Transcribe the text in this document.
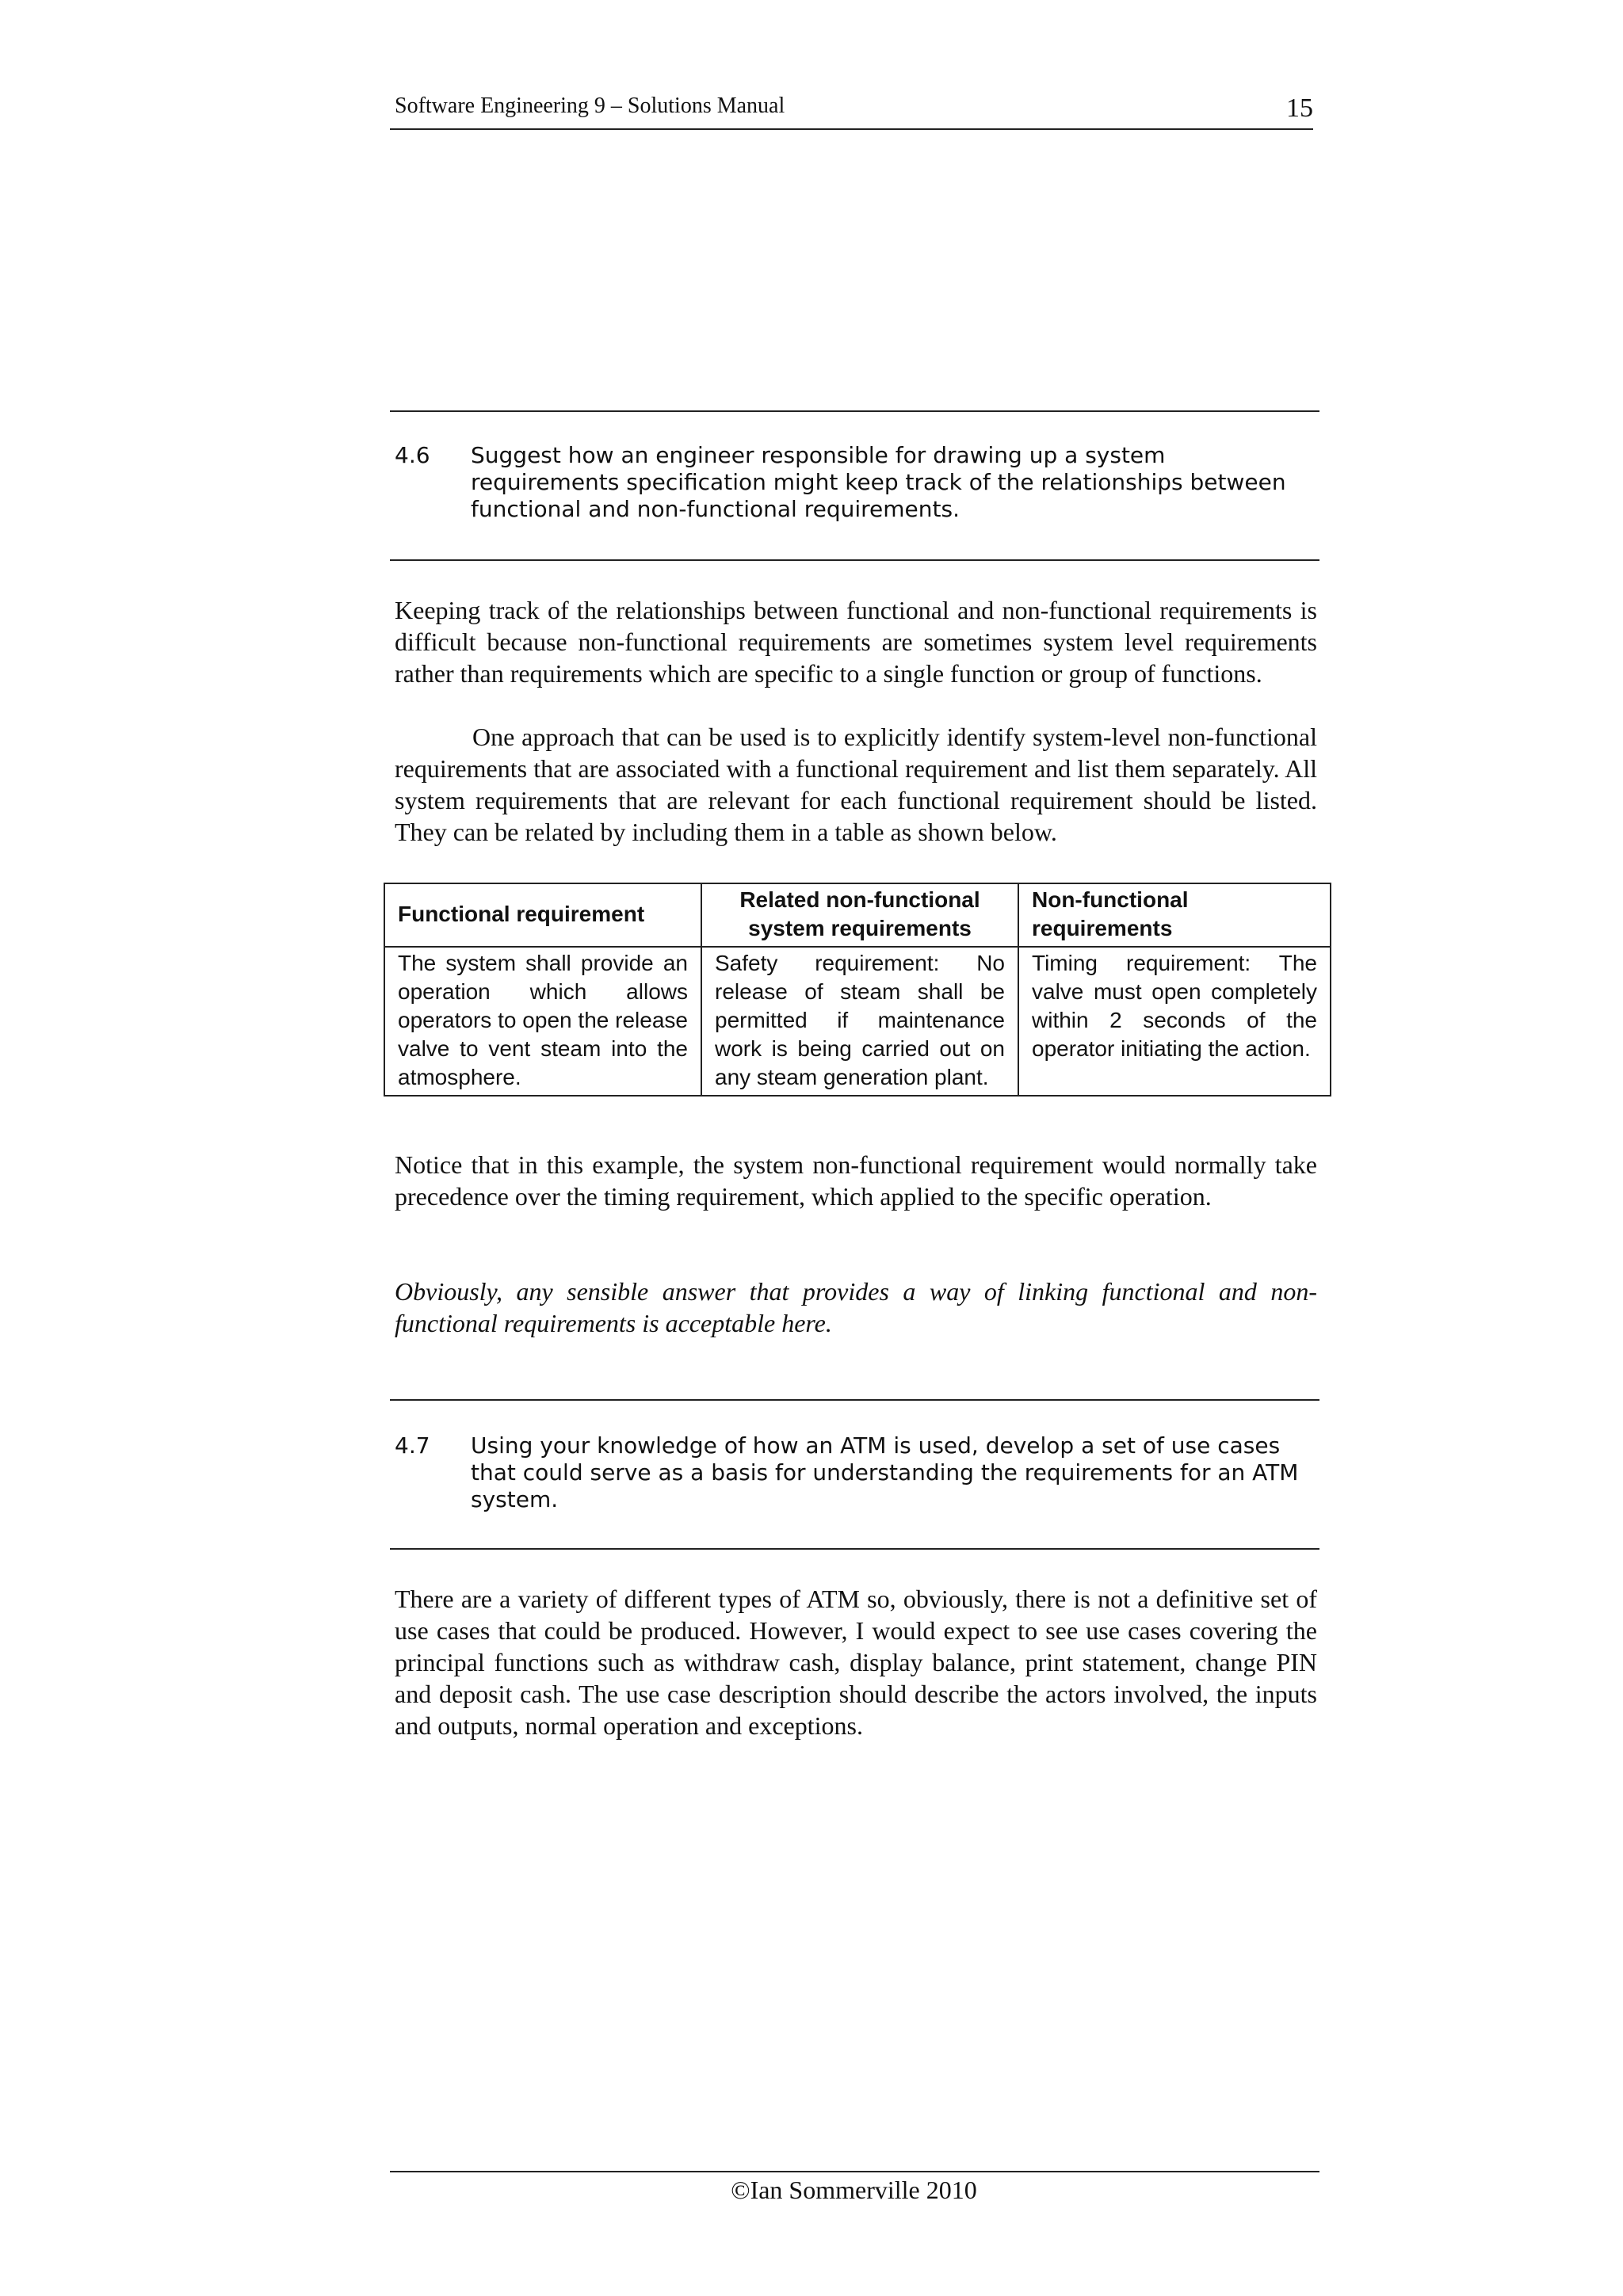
Software Engineering 9 – Solutions Manual	15
4.6 Suggest how an engineer responsible for drawing up a system requirements specification might keep track of the relationships between functional and non-functional requirements.
Keeping track of the relationships between functional and non-functional requirements is difficult because non-functional requirements are sometimes system level requirements rather than requirements which are specific to a single function or group of functions.
One approach that can be used is to explicitly identify system-level non-functional requirements that are associated with a functional requirement and list them separately. All system requirements that are relevant for each functional requirement should be listed. They can be related by including them in a table as shown below.
Functional requirement	Related non-functional system requirements	Non-functional requirements
The system shall provide an operation which allows operators to open the release valve to vent steam into the atmosphere.	Safety requirement: No release of steam shall be permitted if maintenance work is being carried out on any steam generation plant.	Timing requirement: The valve must open completely within 2 seconds of the operator initiating the action.
Notice that in this example, the system non-functional requirement would normally take precedence over the timing requirement, which applied to the specific operation.
Obviously, any sensible answer that provides a way of linking functional and non-functional requirements is acceptable here.
4.7 Using your knowledge of how an ATM is used, develop a set of use cases that could serve as a basis for understanding the requirements for an ATM system.
There are a variety of different types of ATM so, obviously, there is not a definitive set of use cases that could be produced. However, I would expect to see use cases covering the principal functions such as withdraw cash, display balance, print statement, change PIN and deposit cash. The use case description should describe the actors involved, the inputs and outputs, normal operation and exceptions.
©Ian Sommerville 2010
